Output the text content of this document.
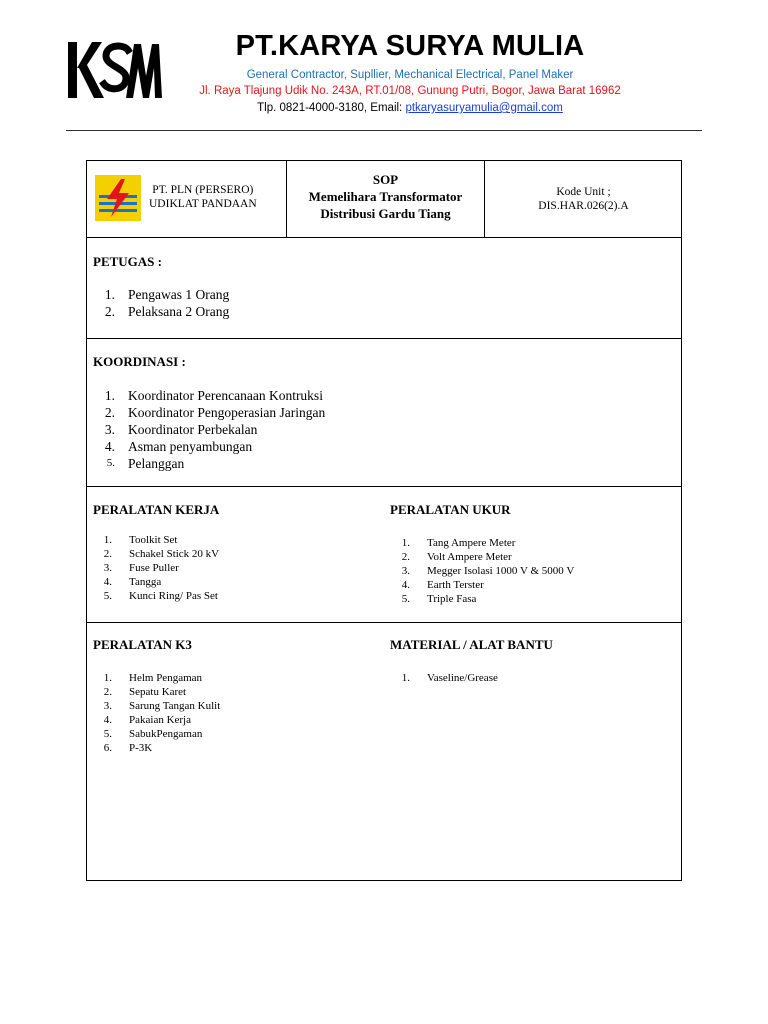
PT.KARYA SURYA MULIA
General Contractor, Supllier, Mechanical Electrical, Panel Maker
Jl. Raya Tlajung Udik No. 243A, RT.01/08, Gunung Putri, Bogor, Jawa Barat 16962
Tlp. 0821-4000-3180, Email: ptkaryasuryamulia@gmail.com
PT. PLN (PERSERO)
UDIKLAT PANDAAN
SOP
Memelihara Transformator
Distribusi Gardu Tiang
Kode Unit ;
DIS.HAR.026(2).A
PETUGAS :
1. Pengawas 1 Orang
2. Pelaksana 2 Orang
KOORDINASI :
1. Koordinator Perencanaan Kontruksi
2. Koordinator Pengoperasian Jaringan
3. Koordinator Perbekalan
4. Asman penyambungan
5. Pelanggan
PERALATAN KERJA
1. Toolkit Set
2. Schakel Stick 20 kV
3. Fuse Puller
4. Tangga
5. Kunci Ring/ Pas Set
PERALATAN UKUR
1. Tang Ampere Meter
2. Volt Ampere Meter
3. Megger Isolasi 1000 V & 5000 V
4. Earth Terster
5. Triple Fasa
PERALATAN K3
1. Helm Pengaman
2. Sepatu Karet
3. Sarung Tangan Kulit
4. Pakaian Kerja
5. SabukPengaman
6. P-3K
MATERIAL / ALAT BANTU
1. Vaseline/Grease
